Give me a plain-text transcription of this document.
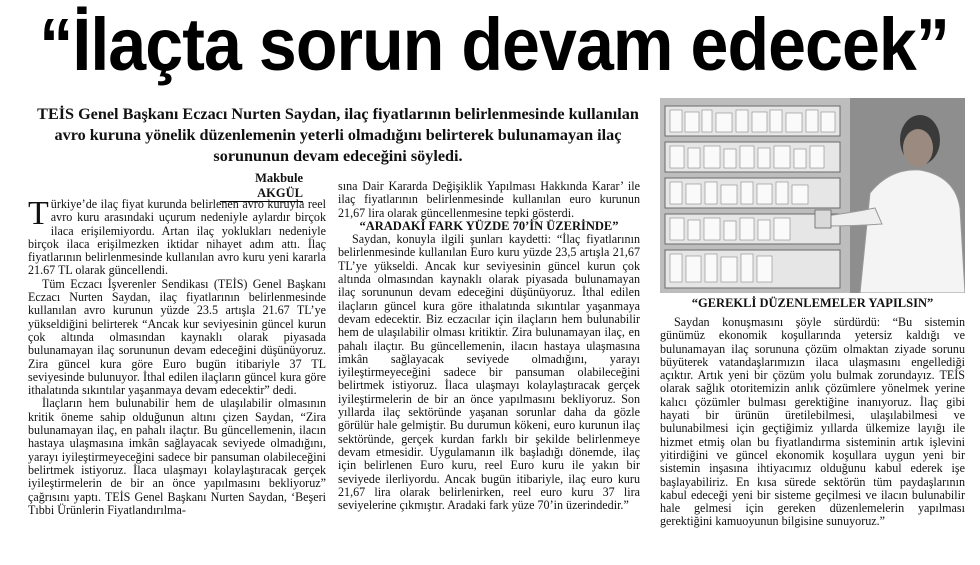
“İlaçta sorun devam edecek”
TEİS Genel Başkanı Eczacı Nurten Saydan, ilaç fiyatlarının belirlenmesinde kullanılan avro kuruna yönelik düzenlemenin yeterli olmadığını belirterek bulunamayan ilaç sorununun devam edeceğini söyledi.
Makbule AKGÜL

Türkiye’de ilaç fiyat kurunda belirlenen avro kuruyla reel avro kuru arasındaki uçurum nedeniyle aylardır birçok ilaca erişilemiyordu. Artan ilaç yoklukları nedeniyle birçok ilaca erişilmezken iktidar nihayet adım attı. İlaç fiyatlarının belirlenmesinde kullanılan avro kuru yeni kararla 21.67 TL olarak güncellendi.

Tüm Eczacı İşverenler Sendikası (TEİS) Genel Başkanı Eczacı Nurten Saydan, ilaç fiyatlarının belirlenmesinde kullanılan avro kurunun yüzde 23.5 artışla 21.67 TL’ye yükseldiğini belirterek “Ancak kur seviyesinin güncel kurun çok altında olmasından kaynaklı olarak piyasada bulunamayan ilaç sorununun devam edeceğini düşünüyoruz. Zira güncel kura göre Euro bugün itibariyle 37 TL seviyesinde bulunuyor. İthal edilen ilaçların güncel kura göre ithalatında sıkıntılar yaşanmaya devam edecektir” dedi.

İlaçların hem bulunabilir hem de ulaşılabilir olmasının kritik öneme sahip olduğunun altını çizen Saydan, “Zira bulunamayan ilaç, en pahalı ilaçtır. Bu güncellemenin, ilacın hastaya ulaşmasına imkân sağlayacak seviyede olmadığını, yarayı iyileştirmeyeceğini sadece bir pansuman olabileceğini belirtmek istiyoruz. İlaca ulaşmayı kolaylaştıracak gerçek iyileştirmelerin de bir an önce yapılmasını bekliyoruz” çağrısını yaptı. TEİS Genel Başkanı Nurten Saydan, ‘Beşeri Tıbbi Ürünlerin Fiyatlandırılma-

sına Dair Kararda Değişiklik Yapılması Hakkında Karar’ ile ilaç fiyatlarının belirlenmesinde kullanılan euro kurunun 21,67 lira olarak güncellenmesine tepki gösterdi.

“ARADAKİ FARK YÜZDE 70’İN ÜZERİNDE”

Saydan, konuyla ilgili şunları kaydetti: “İlaç fiyatlarının belirlenmesinde kullanılan Euro kuru yüzde 23,5 artışla 21,67 TL’ye yükseldi. Ancak kur seviyesinin güncel kurun çok altında olmasından kaynaklı olarak piyasada bulunamayan ilaç sorununun devam edeceğini düşünüyoruz. İthal edilen ilaçların güncel kura göre ithalatında sıkıntılar yaşanmaya devam edecektir. Biz eczacılar için ilaçların hem bulunabilir hem de ulaşılabilir olması kritiktir. Zira bulunamayan ilaç, en pahalı ilaçtır. Bu güncellemenin, ilacın hastaya ulaşmasına imkân sağlayacak seviyede olmadığını, yarayı iyileştirmeyeceğini sadece bir pansuman olabileceğini belirtmek istiyoruz. İlaca ulaşmayı kolaylaştıracak gerçek iyileştirmelerin de bir an önce yapılmasını bekliyoruz. Son yıllarda ilaç sektöründe yaşanan sorunlar daha da gözle görülür hale gelmiştir. Bu durumun kökeni, euro kurunun ilaç sektöründe, gerçek kurdan farklı bir şekilde belirlenmeye devam etmesidir. Uygulamanın ilk başladığı dönemde, ilaç için belirlenen Euro kuru, reel Euro kuru ile yakın bir seviyede ilerliyordu. Ancak bugün itibariyle, ilaç euro kuru 21,67 lira olarak belirlenirken, reel euro kuru 37 lira seviyelerine çıkmıştır. Aradaki fark yüze 70’in üzerindedir.”

“GEREKLİ DÜZENLEMELER YAPILSIN”

Saydan konuşmasını şöyle sürdürdü: “Bu sistemin günümüz ekonomik koşullarında yetersiz kaldığı ve bulunamayan ilaç sorununa çözüm olmaktan ziyade sorunu büyüterek vatandaşlarımızın ilaca ulaşmasını engellediği açıktır. Artık yeni bir çözüm yolu bulmak zorundayız. TEİS olarak sağlık otoritemizin anlık çözümlere yönelmek yerine kalıcı çözümler bulması gerektiğine inanıyoruz. İlaç gibi hayati bir ürünün üretilebilmesi, ulaşılabilmesi ve bulunabilmesi için geçtiğimiz yıllarda ülkemize layığı ile hizmet etmiş olan bu fiyatlandırma sisteminin artık işlevini yitirdiğini ve güncel ekonomik koşullara uygun yeni bir sistemin inşasına ihtiyacımız olduğunu kabul ederek işe başlayabiliriz. En kısa sürede sektörün tüm paydaşlarının kabul edeceği yeni bir sisteme geçilmesi ve ilacın bulunabilir hale gelmesi için gereken düzenlemelerin yapılması gerektiğini kamuoyunun bilgisine sunuyoruz.”
